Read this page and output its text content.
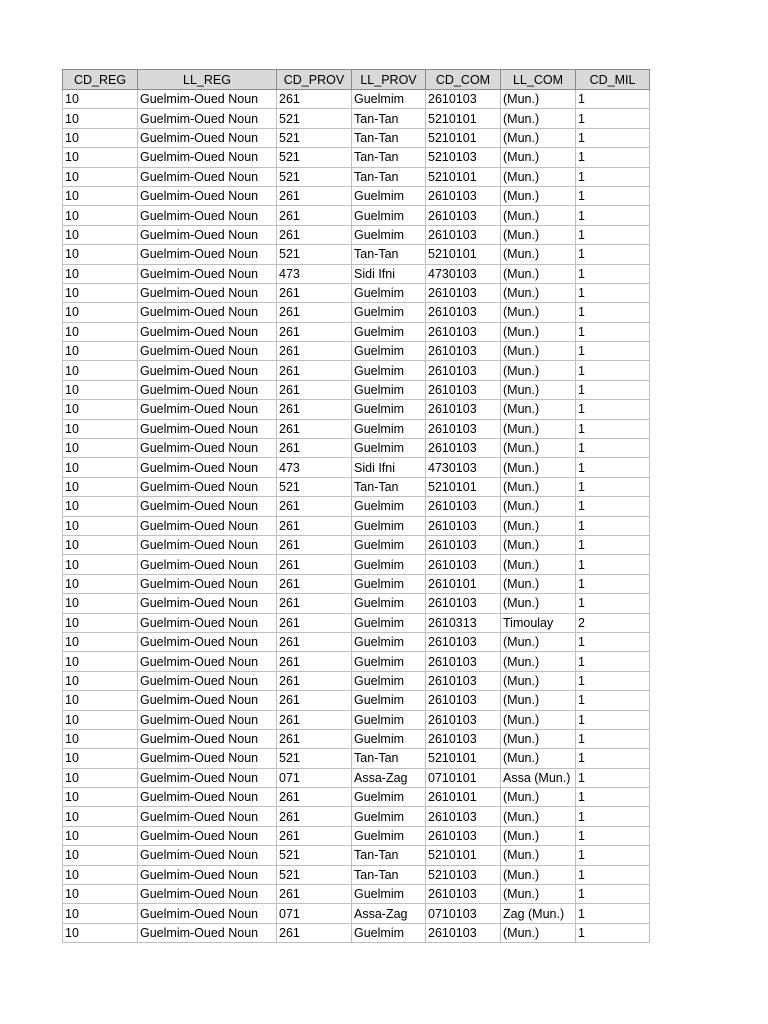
CD_REG	LL_REG	CD_PROV	LL_PROV	CD_COM	LL_COM	CD_MIL
10	Guelmim-Oued Noun	261	Guelmim	2610103	(Mun.)	1
10	Guelmim-Oued Noun	521	Tan-Tan	5210101	(Mun.)	1
10	Guelmim-Oued Noun	521	Tan-Tan	5210101	(Mun.)	1
10	Guelmim-Oued Noun	521	Tan-Tan	5210103	(Mun.)	1
10	Guelmim-Oued Noun	521	Tan-Tan	5210101	(Mun.)	1
10	Guelmim-Oued Noun	261	Guelmim	2610103	(Mun.)	1
10	Guelmim-Oued Noun	261	Guelmim	2610103	(Mun.)	1
10	Guelmim-Oued Noun	261	Guelmim	2610103	(Mun.)	1
10	Guelmim-Oued Noun	521	Tan-Tan	5210101	(Mun.)	1
10	Guelmim-Oued Noun	473	Sidi Ifni	4730103	(Mun.)	1
10	Guelmim-Oued Noun	261	Guelmim	2610103	(Mun.)	1
10	Guelmim-Oued Noun	261	Guelmim	2610103	(Mun.)	1
10	Guelmim-Oued Noun	261	Guelmim	2610103	(Mun.)	1
10	Guelmim-Oued Noun	261	Guelmim	2610103	(Mun.)	1
10	Guelmim-Oued Noun	261	Guelmim	2610103	(Mun.)	1
10	Guelmim-Oued Noun	261	Guelmim	2610103	(Mun.)	1
10	Guelmim-Oued Noun	261	Guelmim	2610103	(Mun.)	1
10	Guelmim-Oued Noun	261	Guelmim	2610103	(Mun.)	1
10	Guelmim-Oued Noun	261	Guelmim	2610103	(Mun.)	1
10	Guelmim-Oued Noun	473	Sidi Ifni	4730103	(Mun.)	1
10	Guelmim-Oued Noun	521	Tan-Tan	5210101	(Mun.)	1
10	Guelmim-Oued Noun	261	Guelmim	2610103	(Mun.)	1
10	Guelmim-Oued Noun	261	Guelmim	2610103	(Mun.)	1
10	Guelmim-Oued Noun	261	Guelmim	2610103	(Mun.)	1
10	Guelmim-Oued Noun	261	Guelmim	2610103	(Mun.)	1
10	Guelmim-Oued Noun	261	Guelmim	2610101	(Mun.)	1
10	Guelmim-Oued Noun	261	Guelmim	2610103	(Mun.)	1
10	Guelmim-Oued Noun	261	Guelmim	2610313	Timoulay	2
10	Guelmim-Oued Noun	261	Guelmim	2610103	(Mun.)	1
10	Guelmim-Oued Noun	261	Guelmim	2610103	(Mun.)	1
10	Guelmim-Oued Noun	261	Guelmim	2610103	(Mun.)	1
10	Guelmim-Oued Noun	261	Guelmim	2610103	(Mun.)	1
10	Guelmim-Oued Noun	261	Guelmim	2610103	(Mun.)	1
10	Guelmim-Oued Noun	261	Guelmim	2610103	(Mun.)	1
10	Guelmim-Oued Noun	521	Tan-Tan	5210101	(Mun.)	1
10	Guelmim-Oued Noun	071	Assa-Zag	0710101	Assa (Mun.)	1
10	Guelmim-Oued Noun	261	Guelmim	2610101	(Mun.)	1
10	Guelmim-Oued Noun	261	Guelmim	2610103	(Mun.)	1
10	Guelmim-Oued Noun	261	Guelmim	2610103	(Mun.)	1
10	Guelmim-Oued Noun	521	Tan-Tan	5210101	(Mun.)	1
10	Guelmim-Oued Noun	521	Tan-Tan	5210103	(Mun.)	1
10	Guelmim-Oued Noun	261	Guelmim	2610103	(Mun.)	1
10	Guelmim-Oued Noun	071	Assa-Zag	0710103	Zag (Mun.)	1
10	Guelmim-Oued Noun	261	Guelmim	2610103	(Mun.)	1
